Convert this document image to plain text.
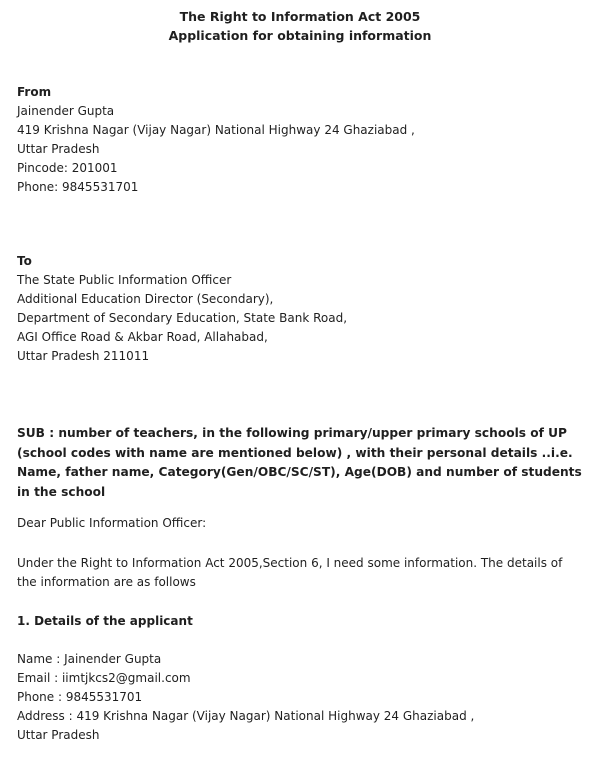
The Right to Information Act 2005
Application for obtaining information
From
Jainender Gupta
419 Krishna Nagar (Vijay Nagar) National Highway 24 Ghaziabad ,
Uttar Pradesh
Pincode: 201001
Phone: 9845531701
To
The State Public Information Officer
Additional Education Director (Secondary),
Department of Secondary Education, State Bank Road,
AGI Office Road & Akbar Road, Allahabad,
Uttar Pradesh 211011
SUB : number of teachers, in the following primary/upper primary schools of UP (school codes with name are mentioned below) , with their personal details ..i.e. Name, father name, Category(Gen/OBC/SC/ST), Age(DOB) and number of students in the school
Dear Public Information Officer:
Under the Right to Information Act 2005,Section 6, I need some information. The details of the information are as follows
1. Details of the applicant
Name : Jainender Gupta
Email : iimtjkcs2@gmail.com
Phone : 9845531701
Address : 419 Krishna Nagar (Vijay Nagar) National Highway 24 Ghaziabad ,
Uttar Pradesh
